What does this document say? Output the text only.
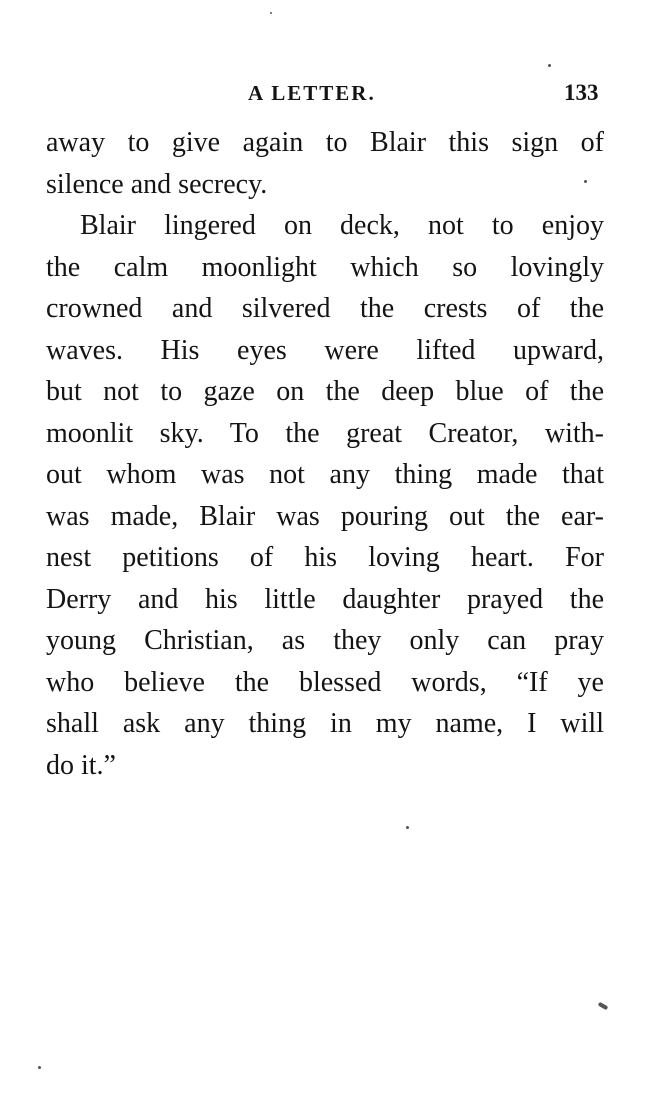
A LETTER.	133
away to give again to Blair this sign of
silence and secrecy.
Blair lingered on deck, not to enjoy
the calm moonlight which so lovingly
crowned and silvered the crests of the
waves. His eyes were lifted upward,
but not to gaze on the deep blue of the
moonlit sky. To the great Creator, with-
out whom was not any thing made that
was made, Blair was pouring out the ear-
nest petitions of his loving heart. For
Derry and his little daughter prayed the
young Christian, as they only can pray
who believe the blessed words, “If ye
shall ask any thing in my name, I will
do it.”
